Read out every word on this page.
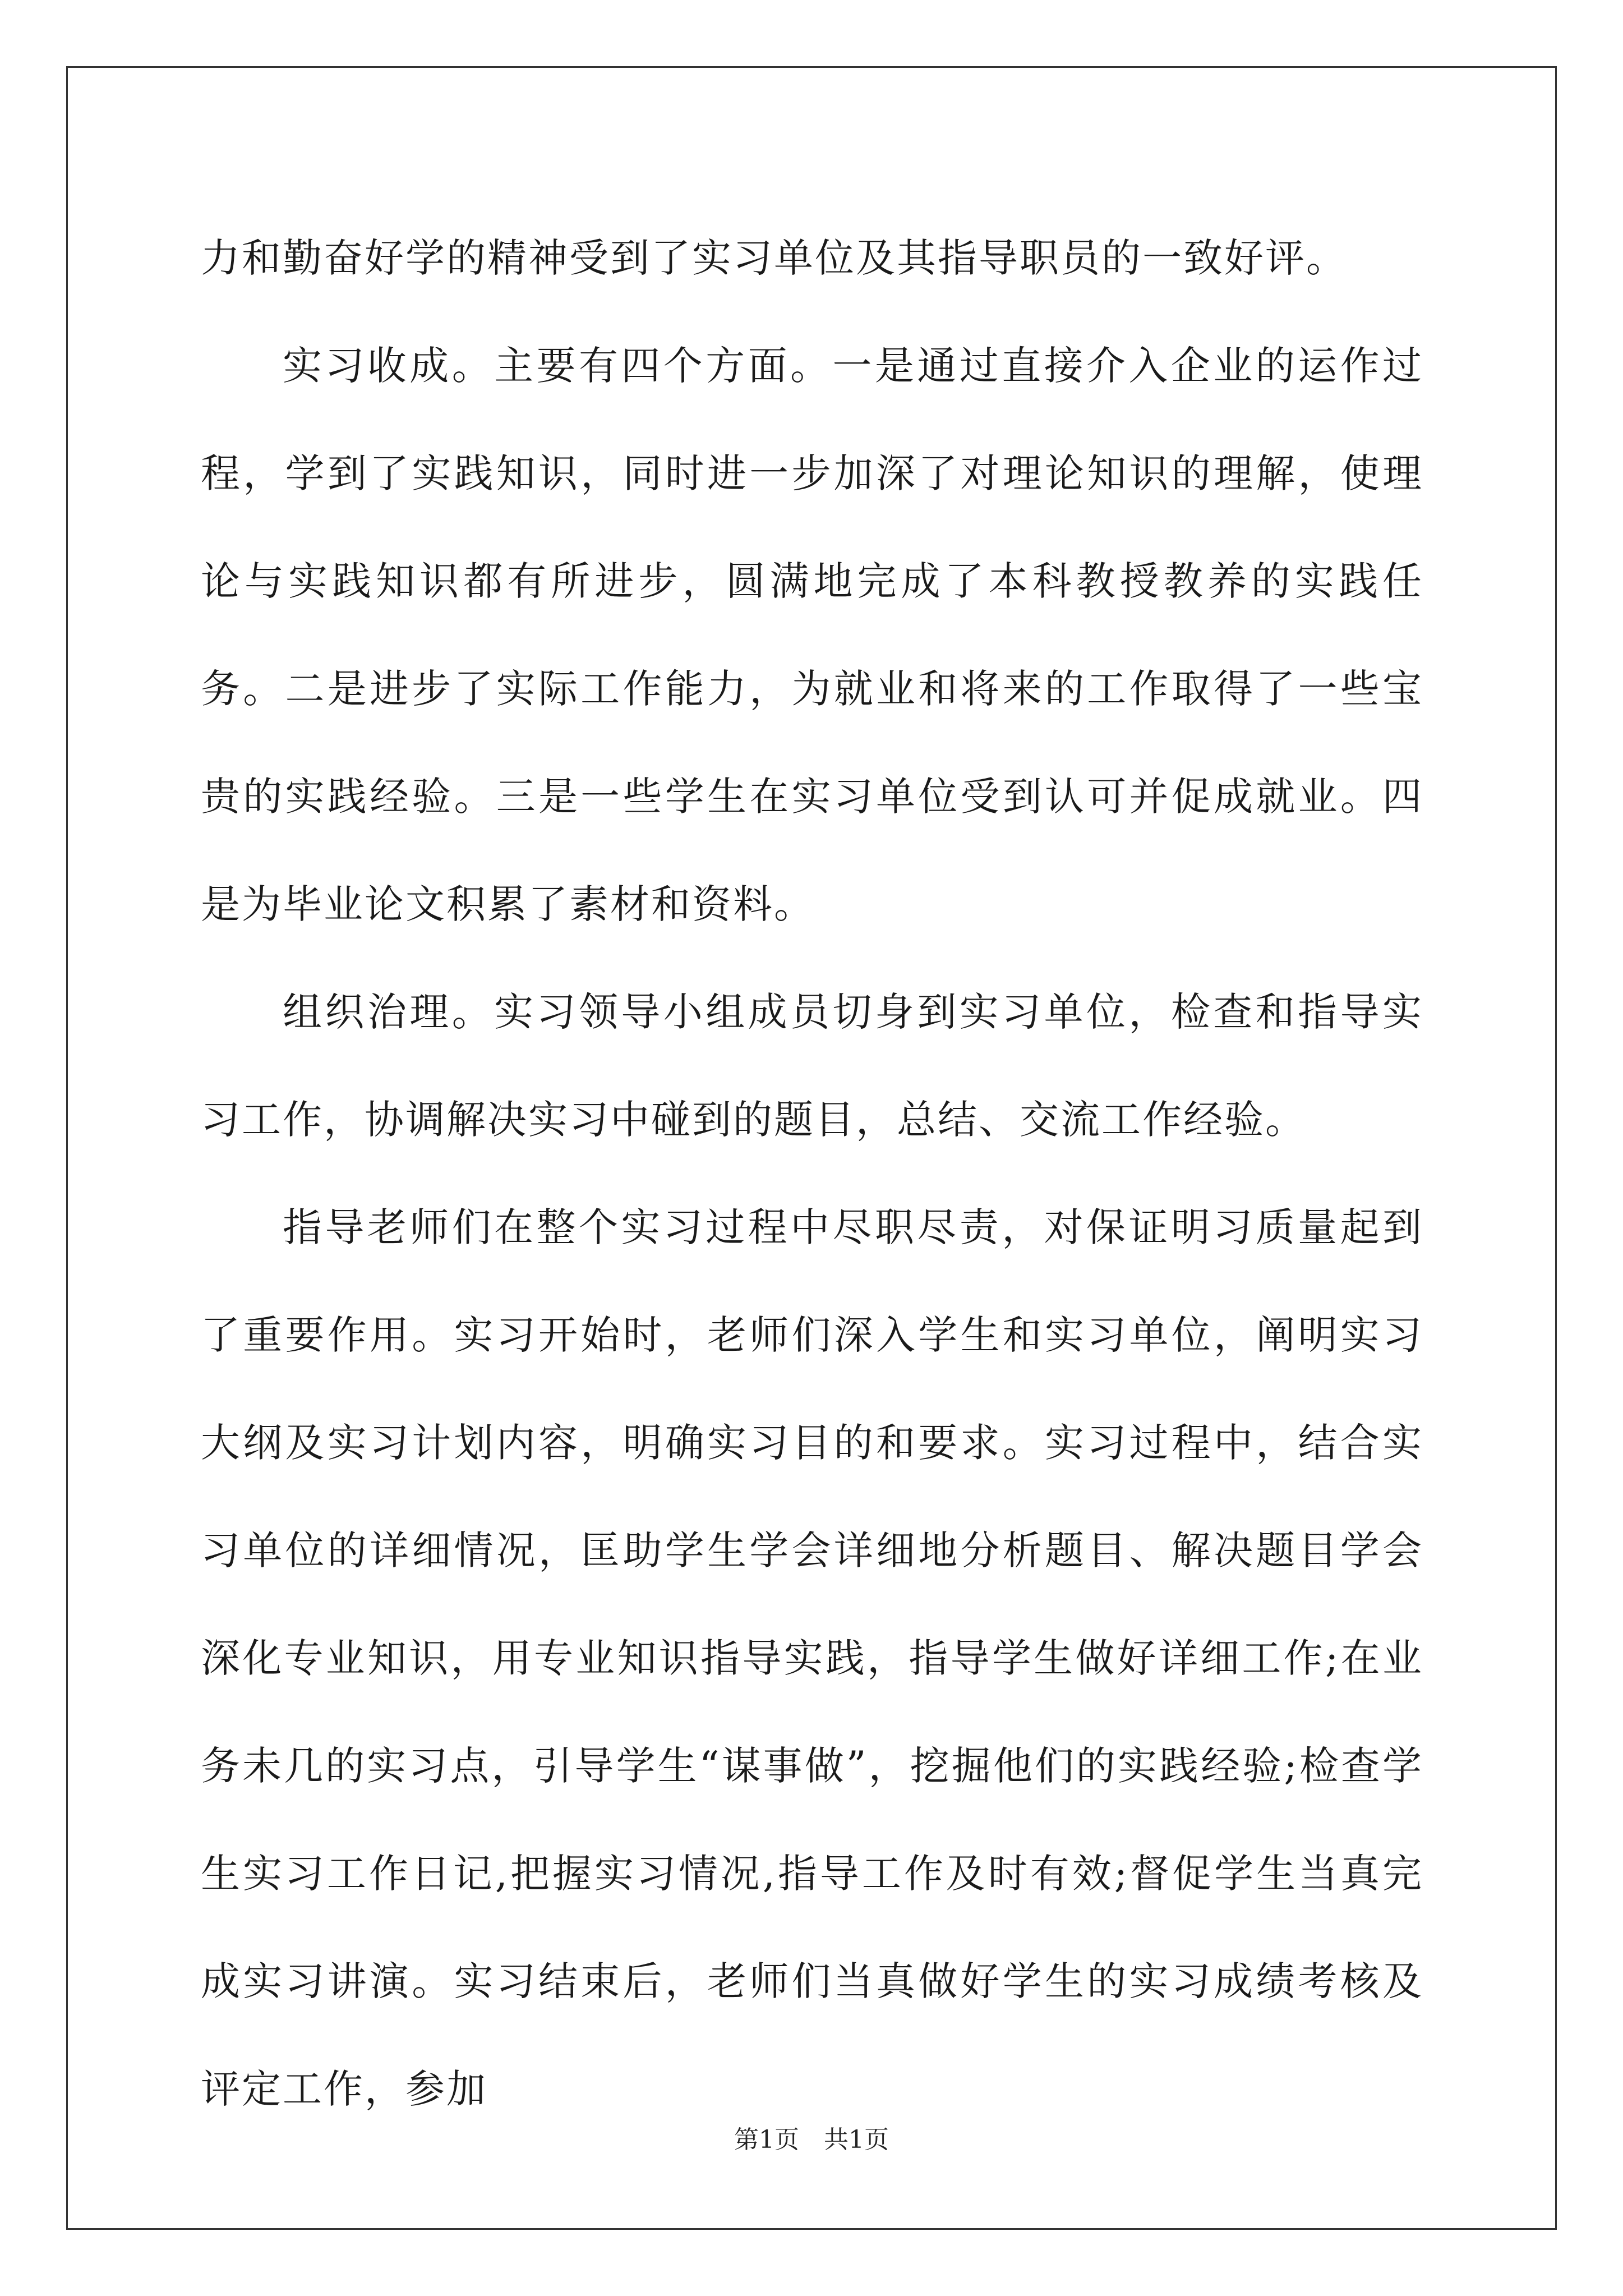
力和勤奋好学的精神受到了实习单位及其指导职员的一致好评。

实习收成。主要有四个方面。一是通过直接介入企业的运作过程，学到了实践知识，同时进一步加深了对理论知识的理解，使理论与实践知识都有所进步，圆满地完成了本科教授教养的实践任务。二是进步了实际工作能力，为就业和将来的工作取得了一些宝贵的实践经验。三是一些学生在实习单位受到认可并促成就业。四是为毕业论文积累了素材和资料。

组织治理。实习领导小组成员切身到实习单位，检查和指导实习工作，协调解决实习中碰到的题目，总结、交流工作经验。

指导老师们在整个实习过程中尽职尽责，对保证明习质量起到了重要作用。实习开始时，老师们深入学生和实习单位，阐明实习大纲及实习计划内容，明确实习目的和要求。实习过程中，结合实习单位的详细情况，匡助学生学会详细地分析题目、解决题目学会深化专业知识，用专业知识指导实践，指导学生做好详细工作;在业务未几的实习点，引导学生“谋事做”，挖掘他们的实践经验;检查学生实习工作日记,把握实习情况,指导工作及时有效;督促学生当真完成实习讲演。实习结束后，老师们当真做好学生的实习成绩考核及评定工作，参加

第1页　共1页
